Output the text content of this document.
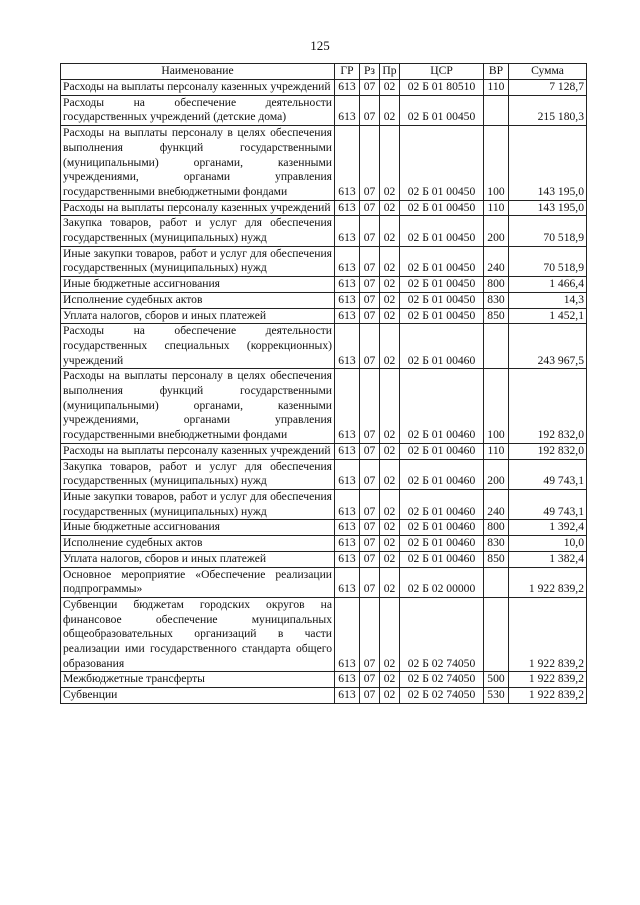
125
Наименование	ГР	Рз	Пр	ЦСР	ВР	Сумма
Расходы на выплаты персоналу казенных учреждений	613	07	02	02 Б 01 80510	110	7 128,7
Расходы на обеспечение деятельности государственных учреждений (детские дома)	613	07	02	02 Б 01 00450		215 180,3
Расходы на выплаты персоналу в целях обеспечения выполнения функций государственными (муниципальными) органами, казенными учреждениями, органами управления государственными внебюджетными фондами	613	07	02	02 Б 01 00450	100	143 195,0
Расходы на выплаты персоналу казенных учреждений	613	07	02	02 Б 01 00450	110	143 195,0
Закупка товаров, работ и услуг для обеспечения государственных (муниципальных) нужд	613	07	02	02 Б 01 00450	200	70 518,9
Иные закупки товаров, работ и услуг для обеспечения государственных (муниципальных) нужд	613	07	02	02 Б 01 00450	240	70 518,9
Иные бюджетные ассигнования	613	07	02	02 Б 01 00450	800	1 466,4
Исполнение судебных актов	613	07	02	02 Б 01 00450	830	14,3
Уплата налогов, сборов и иных платежей	613	07	02	02 Б 01 00450	850	1 452,1
Расходы на обеспечение деятельности государственных специальных (коррекционных) учреждений	613	07	02	02 Б 01 00460		243 967,5
Расходы на выплаты персоналу в целях обеспечения выполнения функций государственными (муниципальными) органами, казенными учреждениями, органами управления государственными внебюджетными фондами	613	07	02	02 Б 01 00460	100	192 832,0
Расходы на выплаты персоналу казенных учреждений	613	07	02	02 Б 01 00460	110	192 832,0
Закупка товаров, работ и услуг для обеспечения государственных (муниципальных) нужд	613	07	02	02 Б 01 00460	200	49 743,1
Иные закупки товаров, работ и услуг для обеспечения государственных (муниципальных) нужд	613	07	02	02 Б 01 00460	240	49 743,1
Иные бюджетные ассигнования	613	07	02	02 Б 01 00460	800	1 392,4
Исполнение судебных актов	613	07	02	02 Б 01 00460	830	10,0
Уплата налогов, сборов и иных платежей	613	07	02	02 Б 01 00460	850	1 382,4
Основное мероприятие «Обеспечение реализации подпрограммы»	613	07	02	02 Б 02 00000		1 922 839,2
Субвенции бюджетам городских округов на финансовое обеспечение муниципальных общеобразовательных организаций в части реализации ими государственного стандарта общего образования	613	07	02	02 Б 02 74050		1 922 839,2
Межбюджетные трансферты	613	07	02	02 Б 02 74050	500	1 922 839,2
Субвенции	613	07	02	02 Б 02 74050	530	1 922 839,2
